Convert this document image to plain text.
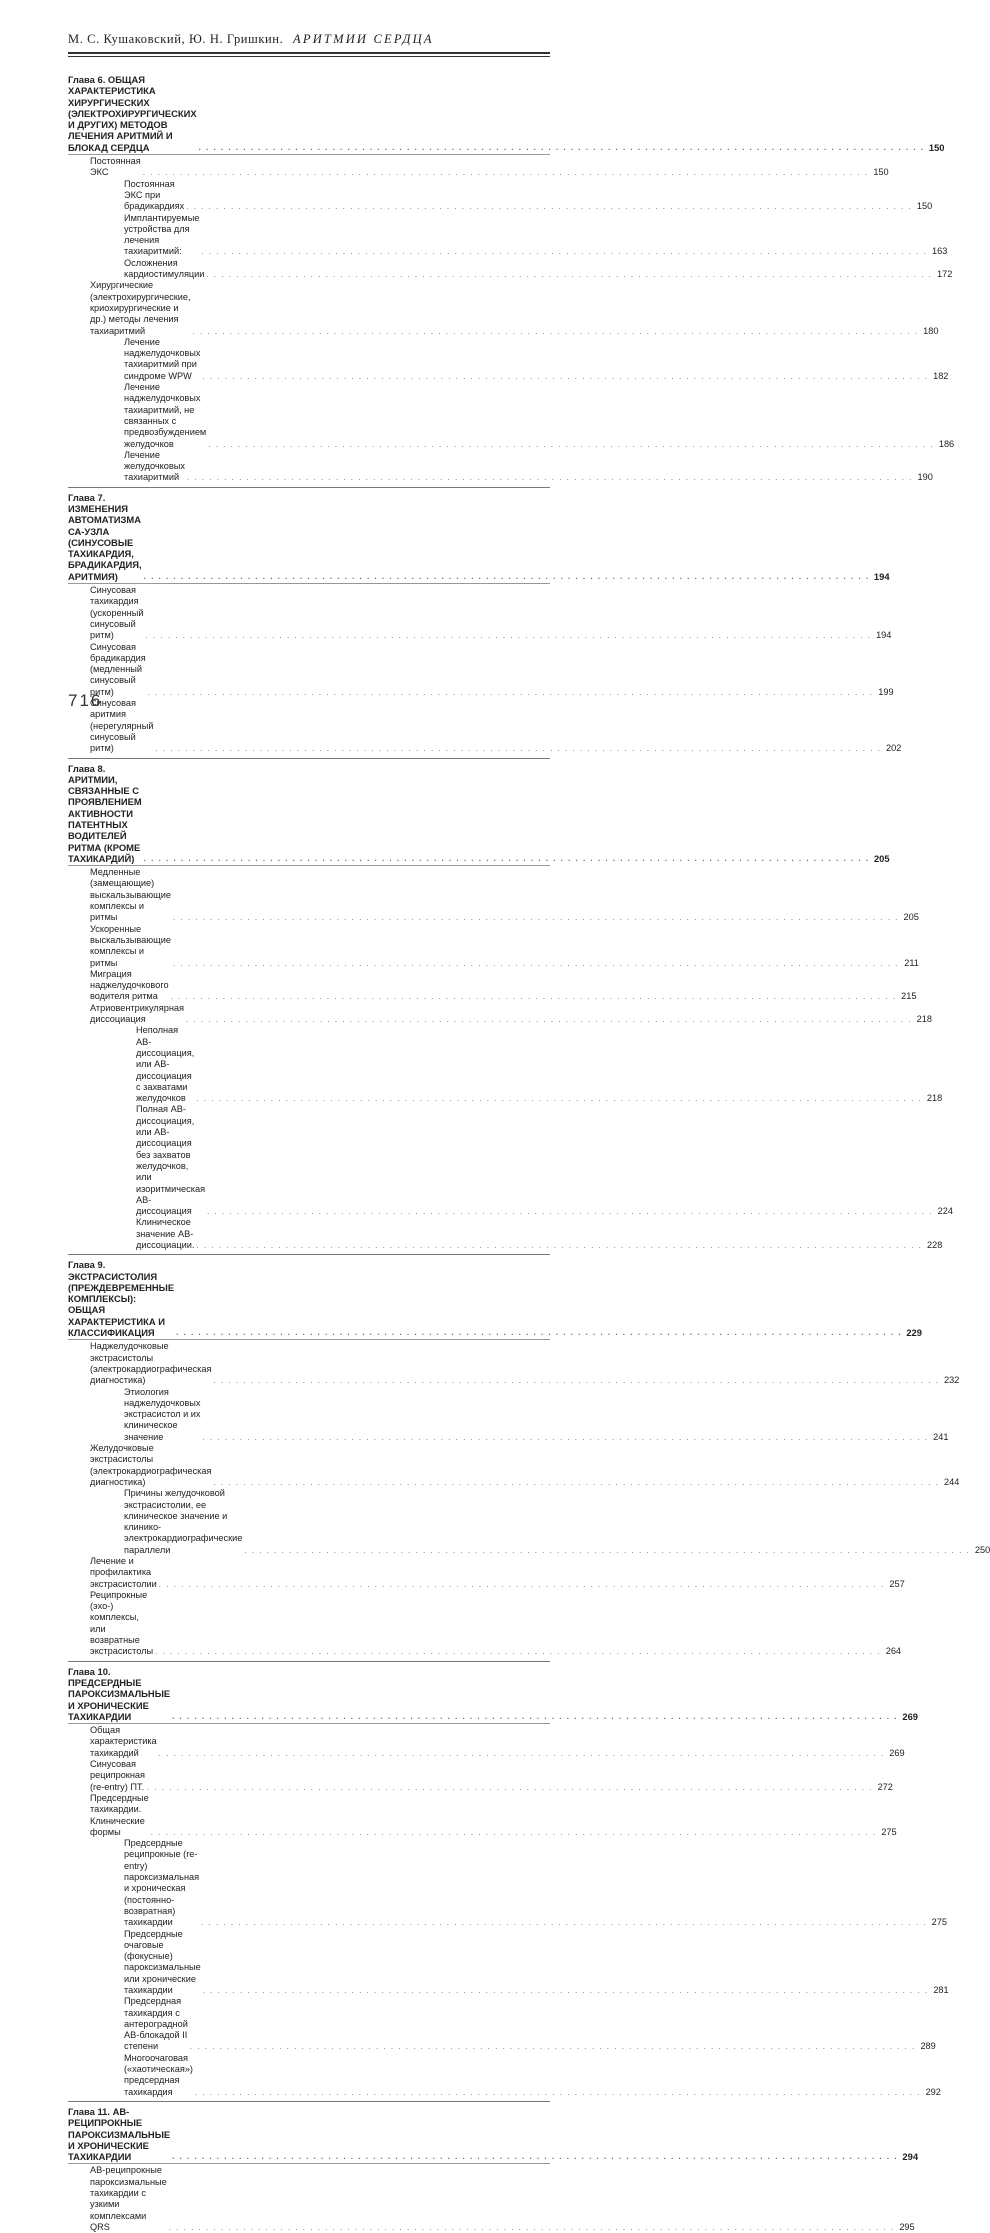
М. С. Кушаковский, Ю. Н. Гришкин. АРИТМИИ СЕРДЦА
Глава 6. ОБЩАЯ ХАРАКТЕРИСТИКА ХИРУРГИЧЕСКИХ (ЭЛЕКТРОХИРУРГИЧЕСКИХ И ДРУГИХ) МЕТОДОВ ЛЕЧЕНИЯ АРИТМИЙ И БЛОКАД СЕРДЦА . . .	150
Постоянная ЭКС . . .	150
Постоянная ЭКС при брадикардиях . . .	150
Имплантируемые устройства для лечения тахиаритмий: . . .	163
Осложнения кардиостимуляции . . .	172
Хирургические (электрохирургические, криохирургические и др.) методы лечения тахиаритмий . . .	180
Лечение наджелудочковых тахиаритмий при синдроме WPW . . .	182
Лечение наджелудочковых тахиаритмий, не связанных с предвозбуждением желудочков . . .	186
Лечение желудочковых тахиаритмий . . .	190
Глава 7. ИЗМЕНЕНИЯ АВТОМАТИЗМА СА-УЗЛА (СИНУСОВЫЕ ТАХИКАРДИЯ, БРАДИКАРДИЯ, АРИТМИЯ) . . .	194
Синусовая тахикардия (ускоренный синусовый ритм) . . .	194
Синусовая брадикардия (медленный синусовый ритм) . . .	199
Синусовая аритмия (нерегулярный синусовый ритм) . . .	202
Глава 8. АРИТМИИ, СВЯЗАННЫЕ С ПРОЯВЛЕНИЕМ АКТИВНОСТИ ПАТЕНТНЫХ ВОДИТЕЛЕЙ РИТМА (КРОМЕ ТАХИКАРДИЙ) . . .	205
Медленные (замещающие) выскальзывающие комплексы и ритмы . . .	205
Ускоренные выскальзывающие комплексы и ритмы . . .	211
Миграция наджелудочкового водителя ритма . . .	215
Атриовентрикулярная диссоциация . . .	218
Неполная АВ-диссоциация, или АВ-диссоциация с захватами желудочков . . .	218
Полная АВ-диссоциация, или АВ-диссоциация без захватов желудочков, или изоритмическая АВ-диссоциация . . .	224
Клиническое значение АВ-диссоциации. . . .	228
Глава 9. ЭКСТРАСИСТОЛИЯ (ПРЕЖДЕВРЕМЕННЫЕ КОМПЛЕКСЫ): ОБЩАЯ ХАРАКТЕРИСТИКА И КЛАССИФИКАЦИЯ . . .	229
Наджелудочковые экстрасистолы (электрокардиографическая диагностика) . . .	232
Этиология наджелудочковых экстрасистол и их клиническое значение . . .	241
Желудочковые экстрасистолы (электрокардиографическая диагностика) . . .	244
Причины желудочковой экстрасистолии, ее клиническое значение и клинико-электрокардиографические параллели . . .	250
Лечение и профилактика экстрасистолии . . .	257
Реципрокные (эхо-) комплексы, или возвратные экстрасистолы . . .	264
Глава 10. ПРЕДСЕРДНЫЕ ПАРОКСИЗМАЛЬНЫЕ И ХРОНИЧЕСКИЕ ТАХИКАРДИИ . . .	269
Общая характеристика тахикардий . . .	269
Синусовая реципрокная (re-entry) ПТ. . . .	272
Предсердные тахикардии. Клинические формы . . .	275
Предсердные реципрокные (re-entry) пароксизмальная и хроническая (постоянно-возвратная) тахикардии . . .	275
Предсердные очаговые (фокусные) пароксизмальные или хронические тахикардии . . .	281
Предсердная тахикардия с антероградной АВ-блокадой II степени . . .	289
Многоочаговая («хаотическая») предсердная тахикардия . . .	292
Глава 11. АВ-РЕЦИПРОКНЫЕ ПАРОКСИЗМАЛЬНЫЕ И ХРОНИЧЕСКИЕ ТАХИКАРДИИ . . .	294
АВ-реципрокные пароксизмальные тахикардии с узкими комплексами QRS . . .	295
716
